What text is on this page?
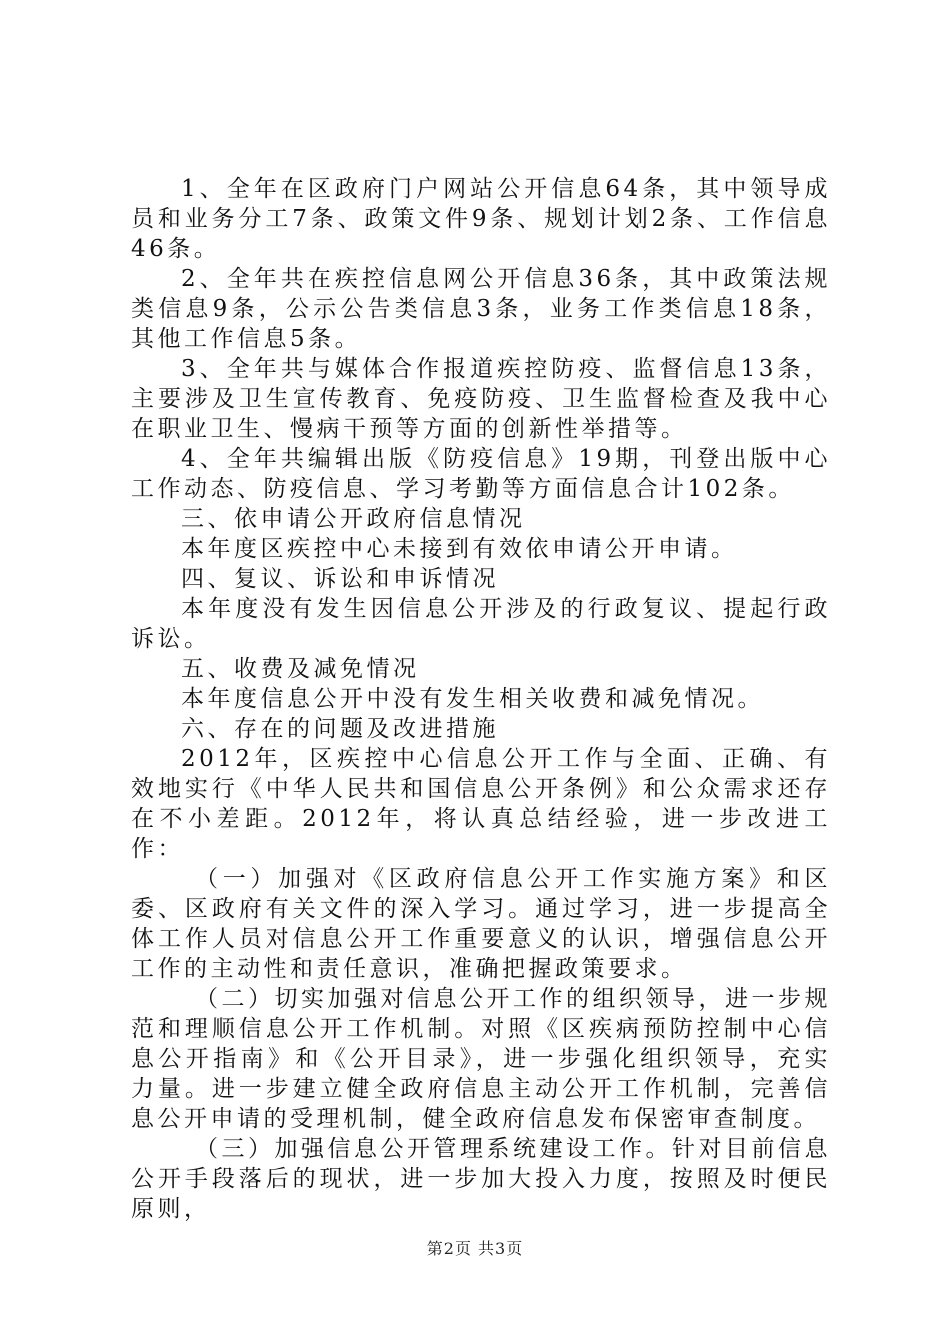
1、全年在区政府门户网站公开信息64条，其中领导成员和业务分工7条、政策文件9条、规划计划2条、工作信息46条。

2、全年共在疾控信息网公开信息36条，其中政策法规类信息9条，公示公告类信息3条，业务工作类信息18条，其他工作信息5条。

3、全年共与媒体合作报道疾控防疫、监督信息13条，主要涉及卫生宣传教育、免疫防疫、卫生监督检查及我中心在职业卫生、慢病干预等方面的创新性举措等。

4、全年共编辑出版《防疫信息》19期，刊登出版中心工作动态、防疫信息、学习考勤等方面信息合计102条。

三、依申请公开政府信息情况

本年度区疾控中心未接到有效依申请公开申请。

四、复议、诉讼和申诉情况

本年度没有发生因信息公开涉及的行政复议、提起行政诉讼。

五、收费及减免情况

本年度信息公开中没有发生相关收费和减免情况。

六、存在的问题及改进措施

2012年，区疾控中心信息公开工作与全面、正确、有效地实行《中华人民共和国信息公开条例》和公众需求还存在不小差距。2012年，将认真总结经验，进一步改进工作：

（一）加强对《区政府信息公开工作实施方案》和区委、区政府有关文件的深入学习。通过学习，进一步提高全体工作人员对信息公开工作重要意义的认识，增强信息公开工作的主动性和责任意识，准确把握政策要求。

（二）切实加强对信息公开工作的组织领导，进一步规范和理顺信息公开工作机制。对照《区疾病预防控制中心信息公开指南》和《公开目录》，进一步强化组织领导，充实力量。进一步建立健全政府信息主动公开工作机制，完善信息公开申请的受理机制，健全政府信息发布保密审查制度。

（三）加强信息公开管理系统建设工作。针对目前信息公开手段落后的现状，进一步加大投入力度，按照及时便民原则，

第2页 共3页
